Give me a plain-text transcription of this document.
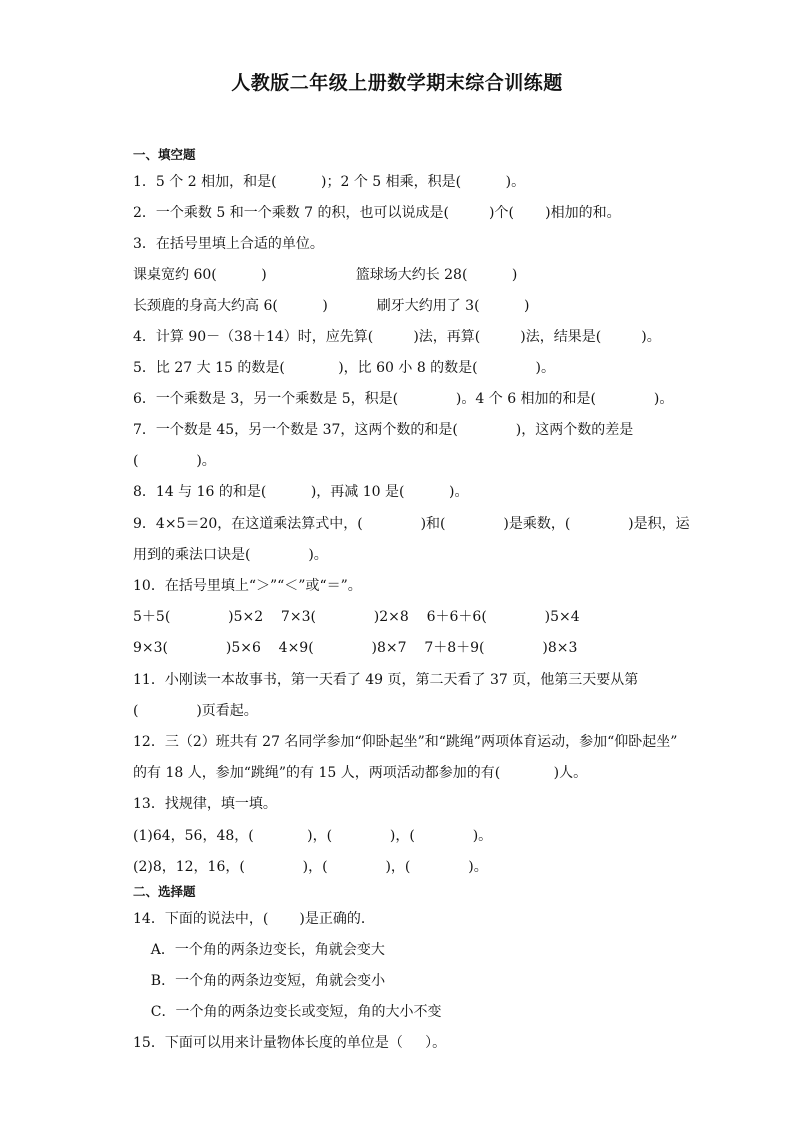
人教版二年级上册数学期末综合训练题
一、填空题
1．5 个 2 相加，和是(          )；2 个 5 相乘，积是(          )。
2．一个乘数 5 和一个乘数 7 的积，也可以说成是(         )个(       )相加的和。
3．在括号里填上合适的单位。
课桌宽约 60(          )                    篮球场大约长 28(          )
长颈鹿的身高大约高 6(          )           刷牙大约用了 3(          )
4．计算 90－（38＋14）时，应先算(         )法，再算(         )法，结果是(         )。
5．比 27 大 15 的数是(            )，比 60 小 8 的数是(             )。
6．一个乘数是 3，另一个乘数是 5，积是(             )。4 个 6 相加的和是(             )。
7．一个数是 45，另一个数是 37，这两个数的和是(             )，这两个数的差是
(             )。
8．14 与 16 的和是(          )，再减 10 是(          )。
9．4×5＝20，在这道乘法算式中，(             )和(             )是乘数，(             )是积，运
用到的乘法口诀是(             )。
10．在括号里填上“＞”“＜”或“＝”。
5＋5(             )5×2    7×3(             )2×8    6＋6＋6(             )5×4
9×3(             )5×6    4×9(             )8×7    7＋8＋9(             )8×3
11．小刚读一本故事书，第一天看了 49 页，第二天看了 37 页，他第三天要从第
(             )页看起。
12．三（2）班共有 27 名同学参加“仰卧起坐”和“跳绳”两项体育运动，参加“仰卧起坐”
的有 18 人，参加“跳绳”的有 15 人，两项活动都参加的有(            )人。
13．找规律，填一填。
(1)64，56，48，(            )，(             )，(             )。
(2)8，12，16，(             )，(             )，(             )。
二、选择题
14．下面的说法中，(       )是正确的．
A．一个角的两条边变长，角就会变大
B．一个角的两条边变短，角就会变小
C．一个角的两条边变长或变短，角的大小不变
15．下面可以用来计量物体长度的单位是（     ）。
